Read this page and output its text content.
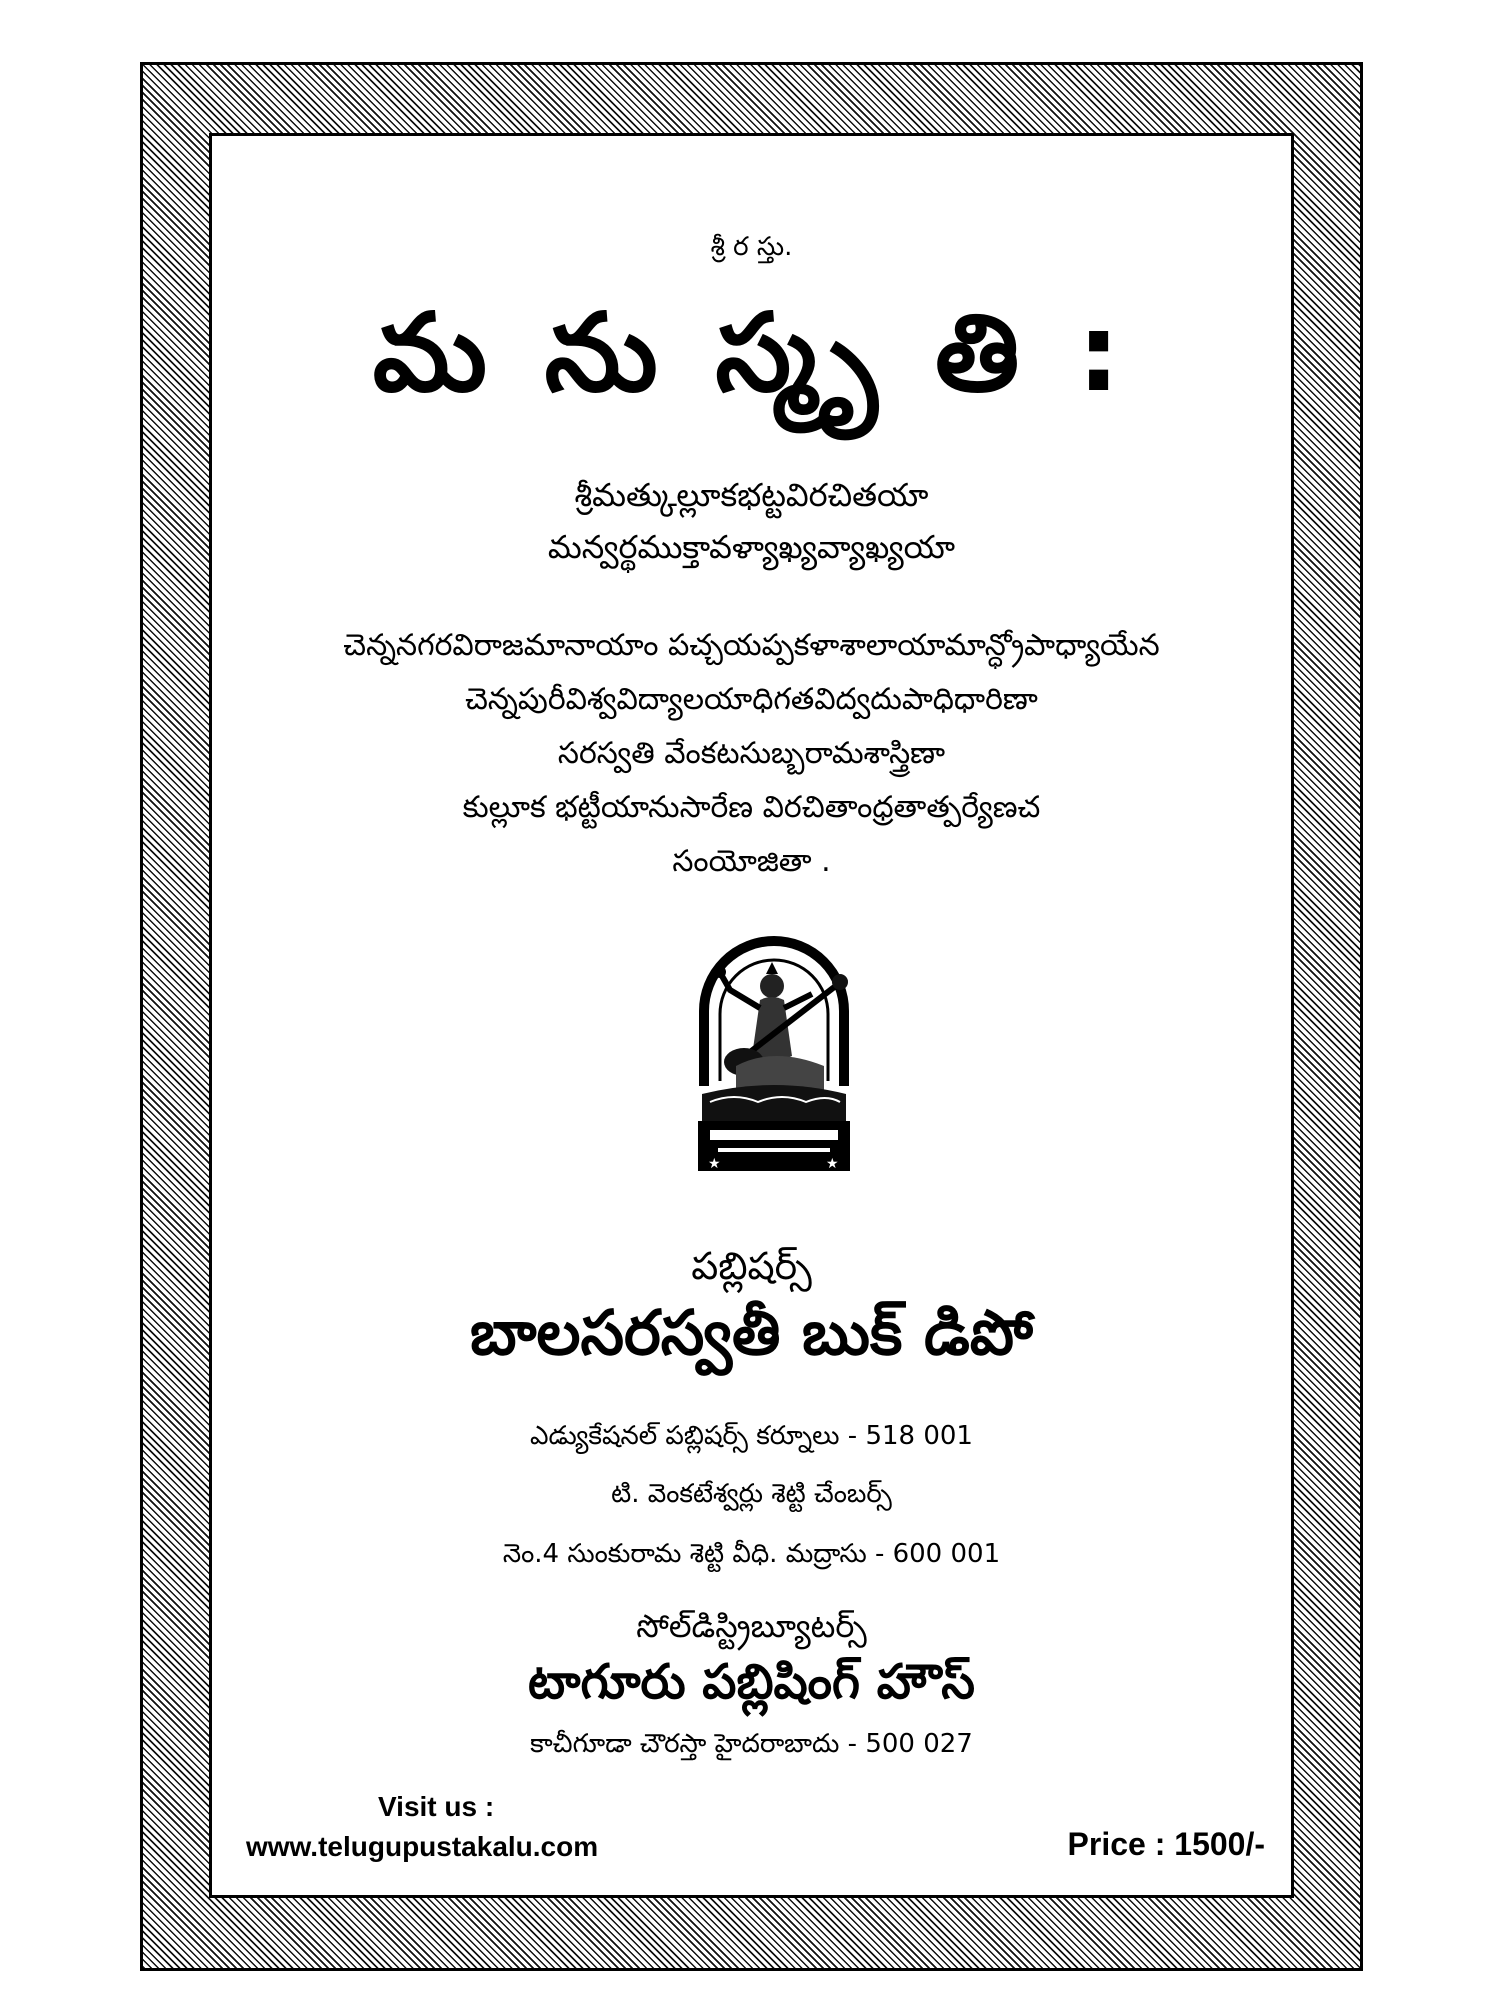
శ్రీ ర స్తు.
మ ను స్మృ తి :
శ్రీమత్కుల్లూకభట్టవిరచితయా
మన్వర్థముక్తావళ్యాఖ్యవ్యాఖ్యయా
చెన్ననగరవిరాజమానాయాం పచ్చయప్పకళాశాలాయామాన్ధ్రోపాధ్యాయేన
చెన్నపురీవిశ్వవిద్యాలయాధిగతవిద్వదుపాధిధారిణా
సరస్వతి వేంకటసుబ్బరామశాస్త్రిణా
కుల్లూక భట్టీయానుసారేణ విరచితాంధ్రతాత్పర్యేణచ
సంయోజితా .
★	★
పబ్లిషర్స్
బాలసరస్వతీ బుక్ డిపో
ఎడ్యుకేషనల్ పబ్లిషర్స్ కర్నూలు - 518 001
టి. వెంకటేశ్వర్లు శెట్టి చేంబర్స్
నెం.4 సుంకురామ శెట్టి వీధి. మద్రాసు - 600 001
సోల్‌డిస్ట్రిబ్యూటర్స్
టాగూరు పబ్లిషింగ్ హౌస్
కాచీగూడా చౌరస్తా హైదరాబాదు - 500 027
Visit us :
www.telugupustakalu.com	Price : 1500/-
